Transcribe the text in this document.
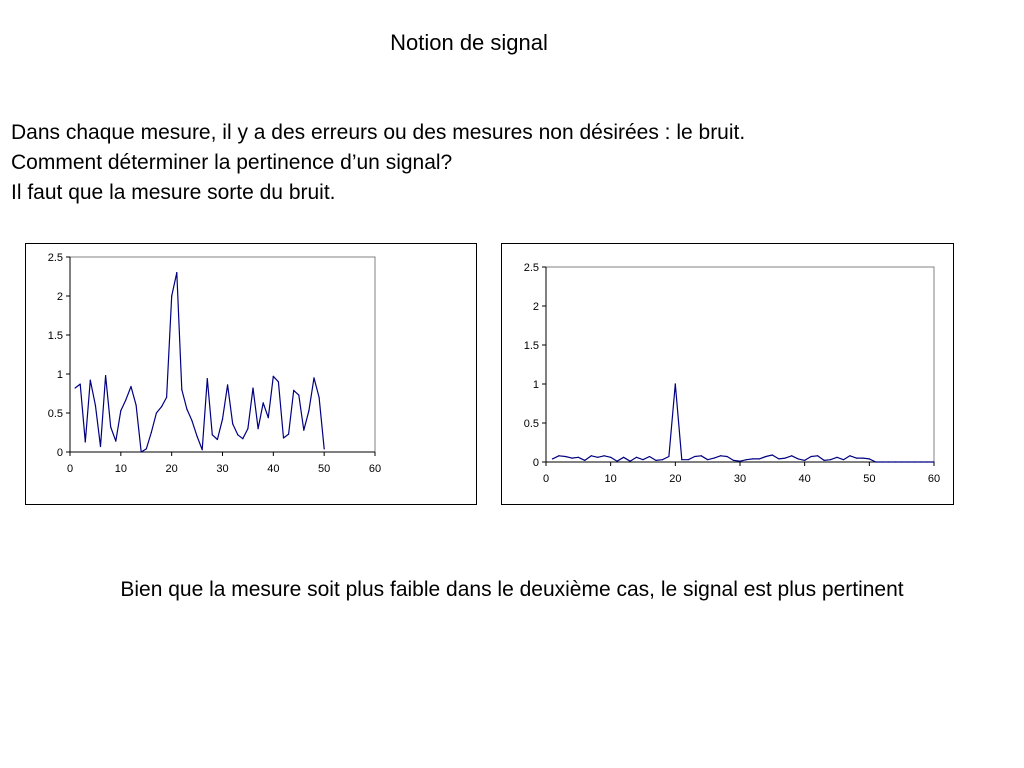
Notion de signal
Dans chaque mesure, il y a des erreurs ou des mesures non désirées : le bruit.
Comment déterminer la pertinence d’un signal?
Il faut que la mesure sorte du bruit.
0
0.5
1
1.5
2
2.5
0	10	20	30	40	50	60	0
0.5
1
1.5
2
2.5
0	10	20	30	40	50	60
Bien que la mesure soit plus faible dans le deuxième cas, le signal est plus pertinent
